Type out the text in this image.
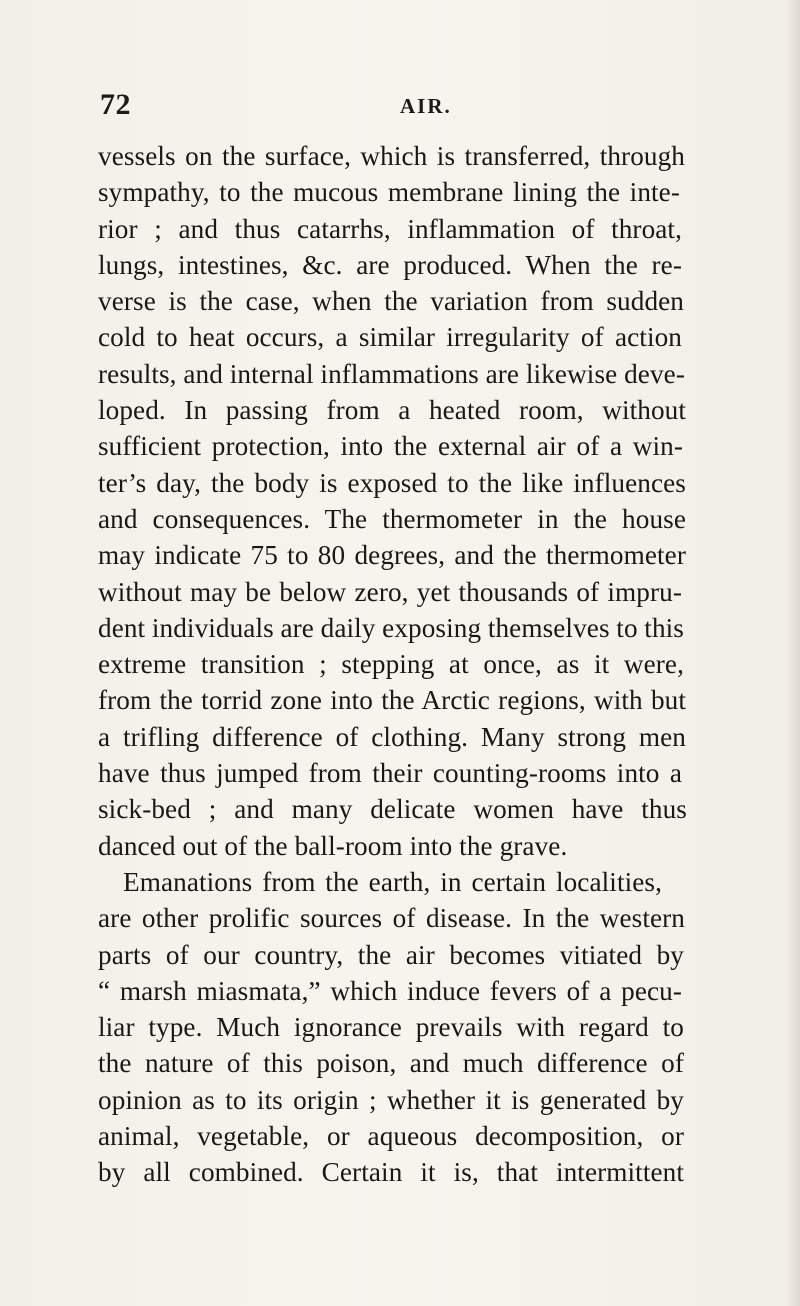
72	AIR.
vessels on the surface, which is transferred, through
sympathy, to the mucous membrane lining the inte-
rior ; and thus catarrhs, inflammation of throat,
lungs, intestines, &c. are produced. When the re-
verse is the case, when the variation from sudden
cold to heat occurs, a similar irregularity of action
results, and internal inflammations are likewise deve-
loped. In passing from a heated room, without
sufficient protection, into the external air of a win-
ter’s day, the body is exposed to the like influences
and consequences. The thermometer in the house
may indicate 75 to 80 degrees, and the thermometer
without may be below zero, yet thousands of impru-
dent individuals are daily exposing themselves to this
extreme transition ; stepping at once, as it were,
from the torrid zone into the Arctic regions, with but
a trifling difference of clothing. Many strong men
have thus jumped from their counting-rooms into a
sick-bed ; and many delicate women have thus
danced out of the ball-room into the grave.
Emanations from the earth, in certain localities,
are other prolific sources of disease. In the western
parts of our country, the air becomes vitiated by
“ marsh miasmata,” which induce fevers of a pecu-
liar type. Much ignorance prevails with regard to
the nature of this poison, and much difference of
opinion as to its origin ; whether it is generated by
animal, vegetable, or aqueous decomposition, or
by all combined. Certain it is, that intermittent
